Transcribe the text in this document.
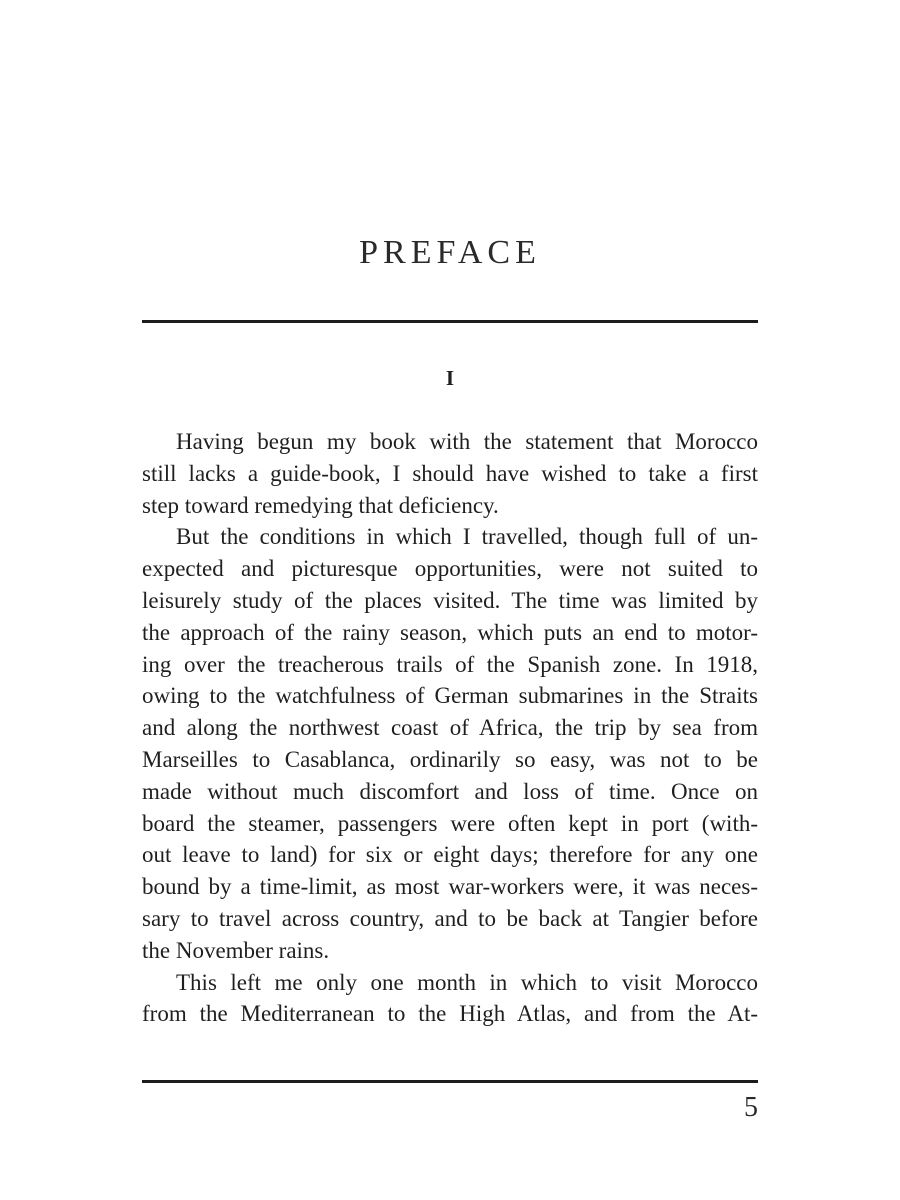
PREFACE
I
Having begun my book with the statement that Morocco
still lacks a guide-book, I should have wished to take a first
step toward remedying that deficiency.
But the conditions in which I travelled, though full of un-
expected and picturesque opportunities, were not suited to
leisurely study of the places visited. The time was limited by
the approach of the rainy season, which puts an end to motor-
ing over the treacherous trails of the Spanish zone. In 1918,
owing to the watchfulness of German submarines in the Straits
and along the northwest coast of Africa, the trip by sea from
Marseilles to Casablanca, ordinarily so easy, was not to be
made without much discomfort and loss of time. Once on
board the steamer, passengers were often kept in port (with-
out leave to land) for six or eight days; therefore for any one
bound by a time-limit, as most war-workers were, it was neces-
sary to travel across country, and to be back at Tangier before
the November rains.
This left me only one month in which to visit Morocco
from the Mediterranean to the High Atlas, and from the At-
5
